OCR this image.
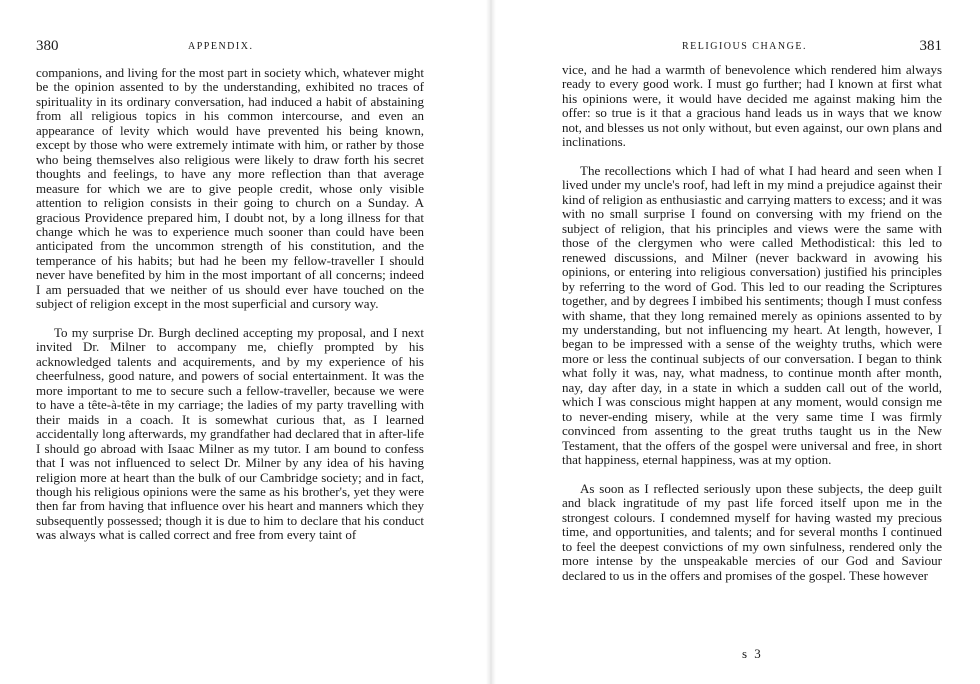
380	APPENDIX.

companions, and living for the most part in society which, whatever might be the opinion assented to by the understanding, exhibited no traces of spirituality in its ordinary conversation, had induced a habit of abstaining from all religious topics in his common intercourse, and even an appearance of levity which would have prevented his being known, except by those who were extremely intimate with him, or rather by those who being themselves also religious were likely to draw forth his secret thoughts and feelings, to have any more reflection than that average measure for which we are to give people credit, whose only visible attention to religion consists in their going to church on a Sunday. A gracious Providence prepared him, I doubt not, by a long illness for that change which he was to experience much sooner than could have been anticipated from the uncommon strength of his constitution, and the temperance of his habits; but had he been my fellow-traveller I should never have benefited by him in the most important of all concerns; indeed I am persuaded that we neither of us should ever have touched on the subject of religion except in the most superficial and cursory way.

To my surprise Dr. Burgh declined accepting my proposal, and I next invited Dr. Milner to accompany me, chiefly prompted by his acknowledged talents and acquirements, and by my experience of his cheerfulness, good nature, and powers of social entertainment. It was the more important to me to secure such a fellow-traveller, because we were to have a tête-à-tête in my carriage; the ladies of my party travelling with their maids in a coach. It is somewhat curious that, as I learned accidentally long afterwards, my grandfather had declared that in after-life I should go abroad with Isaac Milner as my tutor. I am bound to confess that I was not influenced to select Dr. Milner by any idea of his having religion more at heart than the bulk of our Cambridge society; and in fact, though his religious opinions were the same as his brother's, yet they were then far from having that influence over his heart and manners which they subsequently possessed; though it is due to him to declare that his conduct was always what is called correct and free from every taint of

RELIGIOUS CHANGE.	381

vice, and he had a warmth of benevolence which rendered him always ready to every good work. I must go further; had I known at first what his opinions were, it would have decided me against making him the offer: so true is it that a gracious hand leads us in ways that we know not, and blesses us not only without, but even against, our own plans and inclinations.

The recollections which I had of what I had heard and seen when I lived under my uncle's roof, had left in my mind a prejudice against their kind of religion as enthusiastic and carrying matters to excess; and it was with no small surprise I found on conversing with my friend on the subject of religion, that his principles and views were the same with those of the clergymen who were called Methodistical: this led to renewed discussions, and Milner (never backward in avowing his opinions, or entering into religious conversation) justified his principles by referring to the word of God. This led to our reading the Scriptures together, and by degrees I imbibed his sentiments; though I must confess with shame, that they long remained merely as opinions assented to by my understanding, but not influencing my heart. At length, however, I began to be impressed with a sense of the weighty truths, which were more or less the continual subjects of our conversation. I began to think what folly it was, nay, what madness, to continue month after month, nay, day after day, in a state in which a sudden call out of the world, which I was conscious might happen at any moment, would consign me to never-ending misery, while at the very same time I was firmly convinced from assenting to the great truths taught us in the New Testament, that the offers of the gospel were universal and free, in short that happiness, eternal happiness, was at my option.

As soon as I reflected seriously upon these subjects, the deep guilt and black ingratitude of my past life forced itself upon me in the strongest colours. I condemned myself for having wasted my precious time, and opportunities, and talents; and for several months I continued to feel the deepest convictions of my own sinfulness, rendered only the more intense by the unspeakable mercies of our God and Saviour declared to us in the offers and promises of the gospel. These however

s 3
